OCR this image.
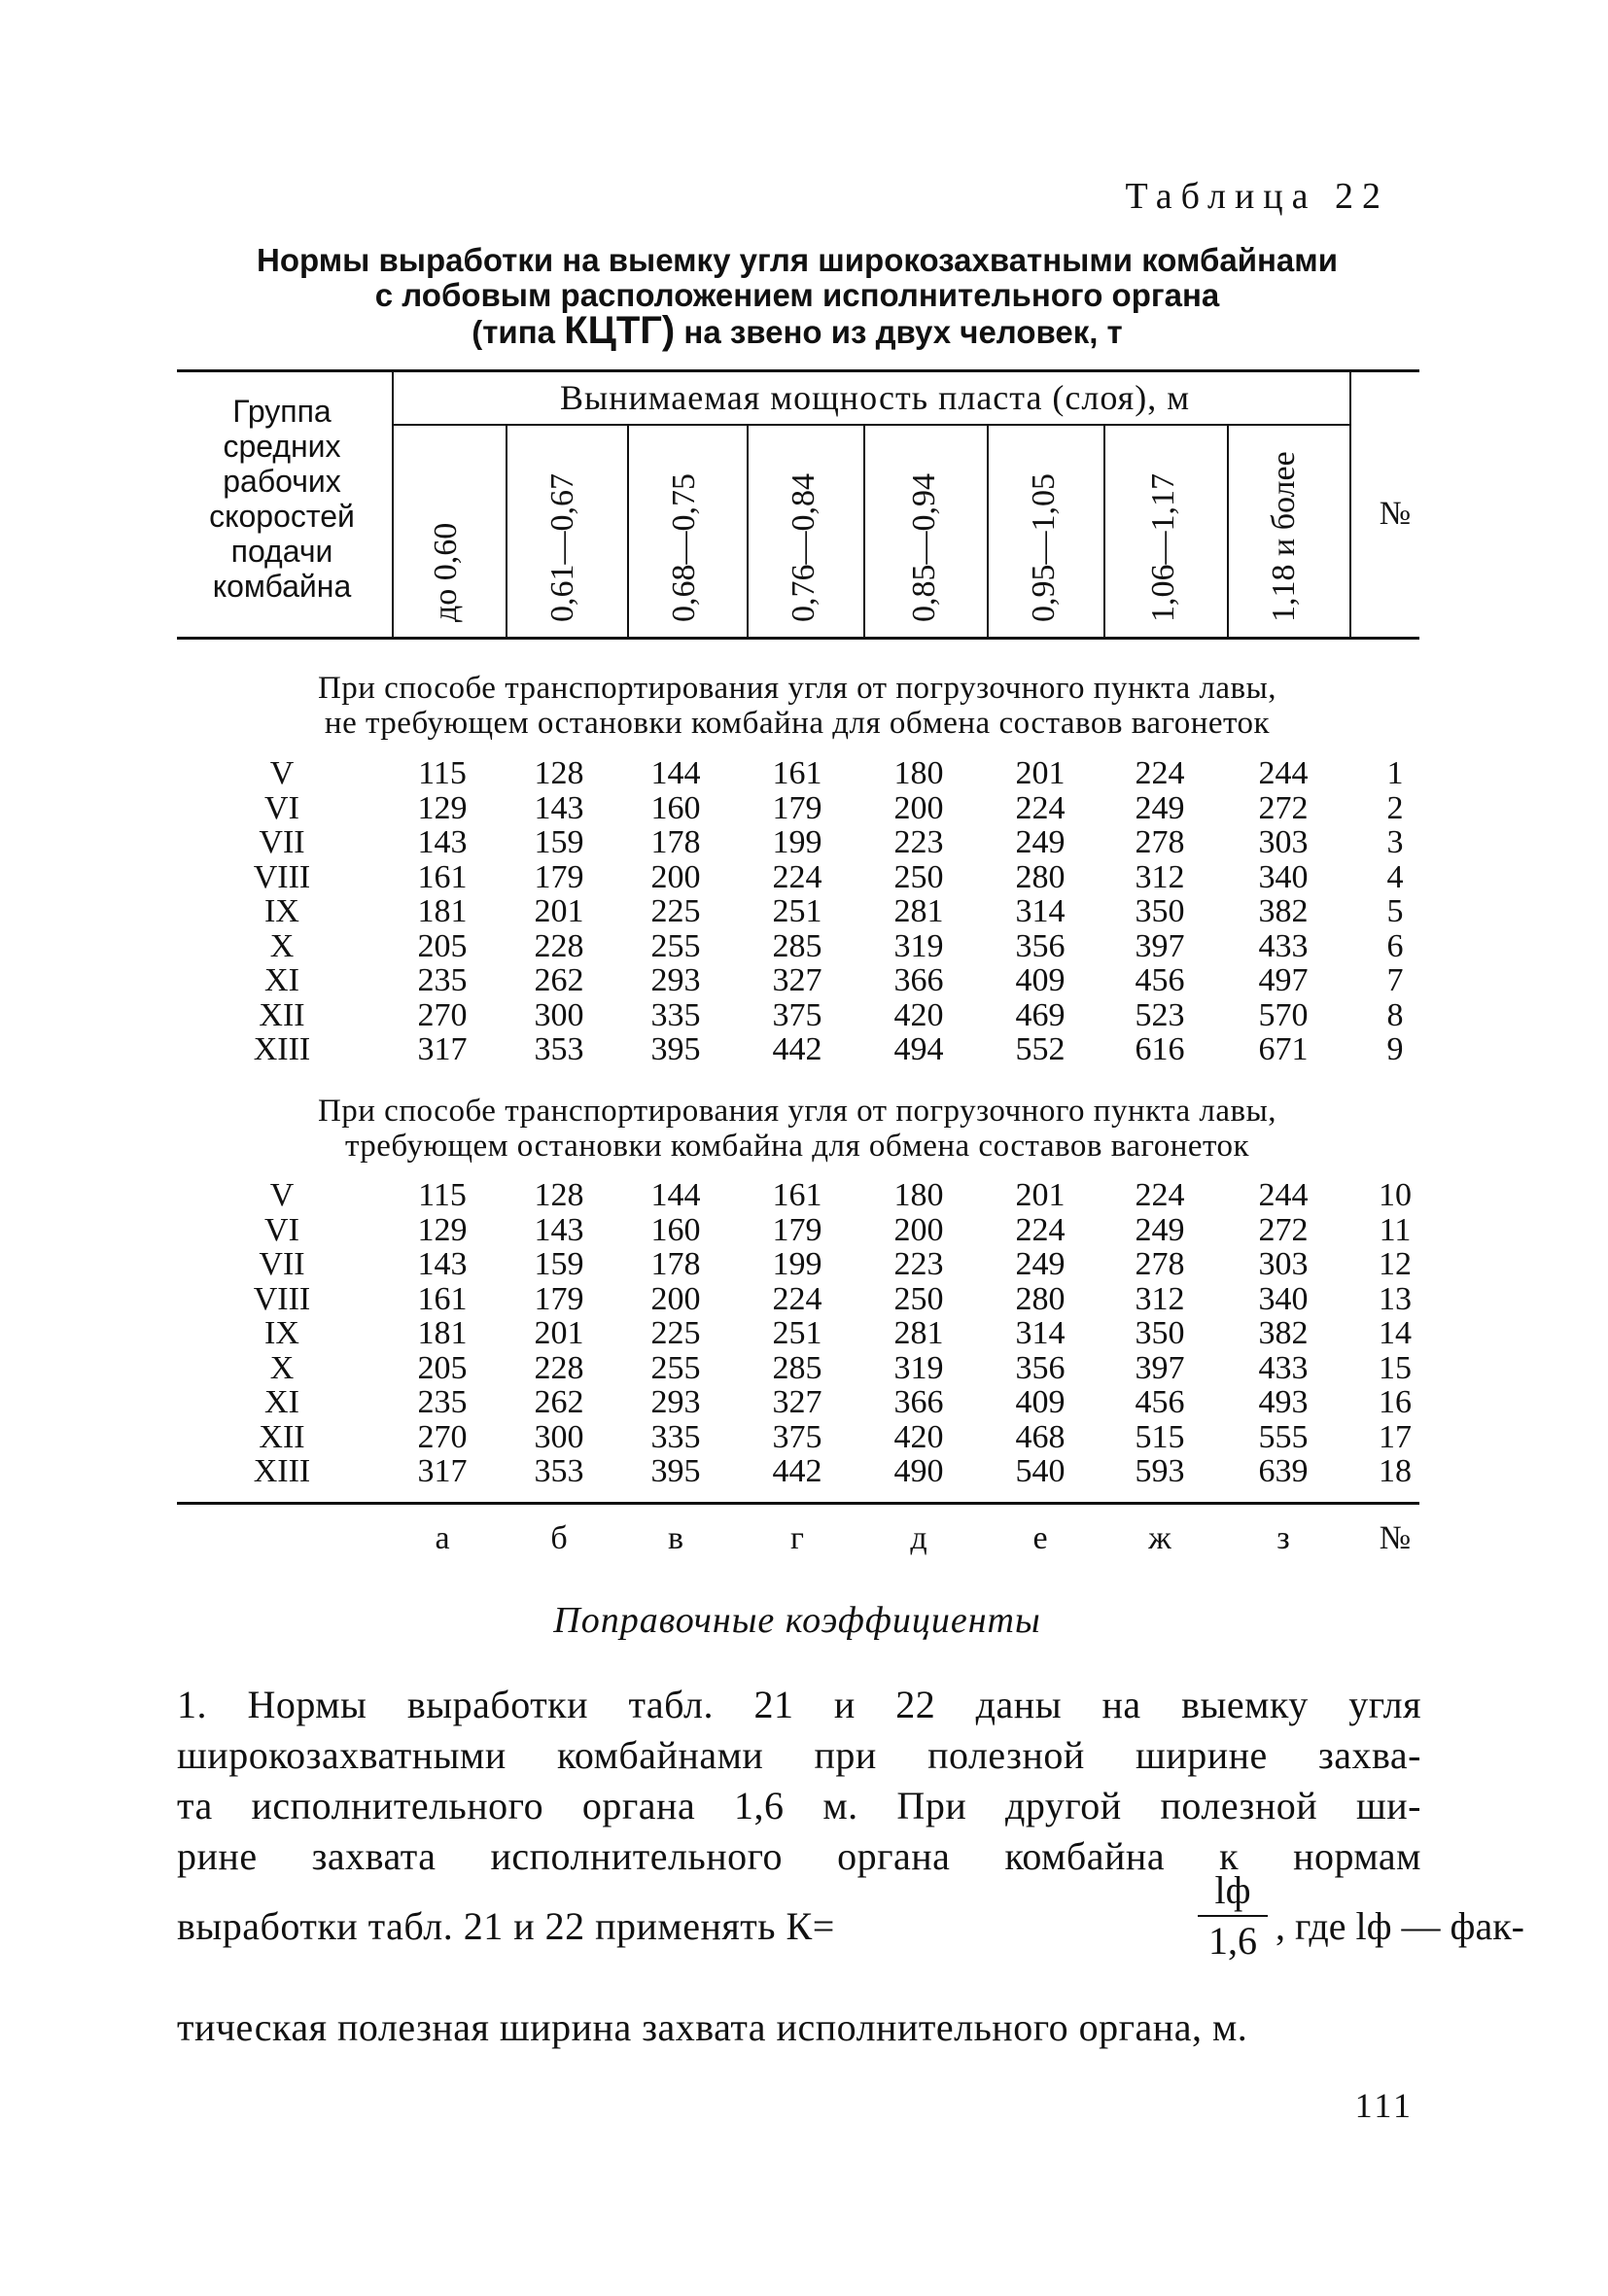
Таблица 22
Нормы выработки на выемку угля широкозахватными комбайнами
с лобовым расположением исполнительного органа
(типа КЦТГ) на звено из двух человек, т
Группа
средних
рабочих
скоростей
подачи
комбайна
Вынимаемая мощность пласта (слоя), м
до 0,60	0,61—0,67	0,68—0,75	0,76—0,84	0,85—0,94	0,95—1,05	1,06—1,17	1,18 и более	№
При способе транспортирования угля от погрузочного пункта лавы,
не требующем остановки комбайна для обмена составов вагонеток
V	115 128 144 161 180 201 224 244	1
VI	129 143 160 179 200 224 249 272	2
VII	143 159 178 199 223 249 278 303	3
VIII	161 179 200 224 250 280 312 340	4
IX	181 201 225 251 281 314 350 382	5
X	205 228 255 285 319 356 397 433	6
XI	235 262 293 327 366 409 456 497	7
XII	270 300 335 375 420 469 523 570	8
XIII	317 353 395 442 494 552 616 671	9
При способе транспортирования угля от погрузочного пункта лавы,
требующем остановки комбайна для обмена составов вагонеток
V	115 128 144 161 180 201 224 244	10
VI	129 143 160 179 200 224 249 272	11
VII	143 159 178 199 223 249 278 303	12
VIII	161 179 200 224 250 280 312 340	13
IX	181 201 225 251 281 314 350 382	14
X	205 228 255 285 319 356 397 433	15
XI	235 262 293 327 366 409 456 493	16
XII	270 300 335 375 420 468 515 555	17
XIII	317 353 395 442 490 540 593 639	18
а	б	в	г	д	е	ж	з	№
Поправочные коэффициенты
1. Нормы выработки табл. 21 и 22 даны на выемку угля
широкозахватными комбайнами при полезной ширине захва-
та исполнительного органа 1,6 м. При другой полезной ши-
рине захвата исполнительного органа комбайна к нормам
выработки табл. 21 и 22 применять К=
lф
1,6 , где lф — фак-
тическая полезная ширина захвата исполнительного органа, м.
111
